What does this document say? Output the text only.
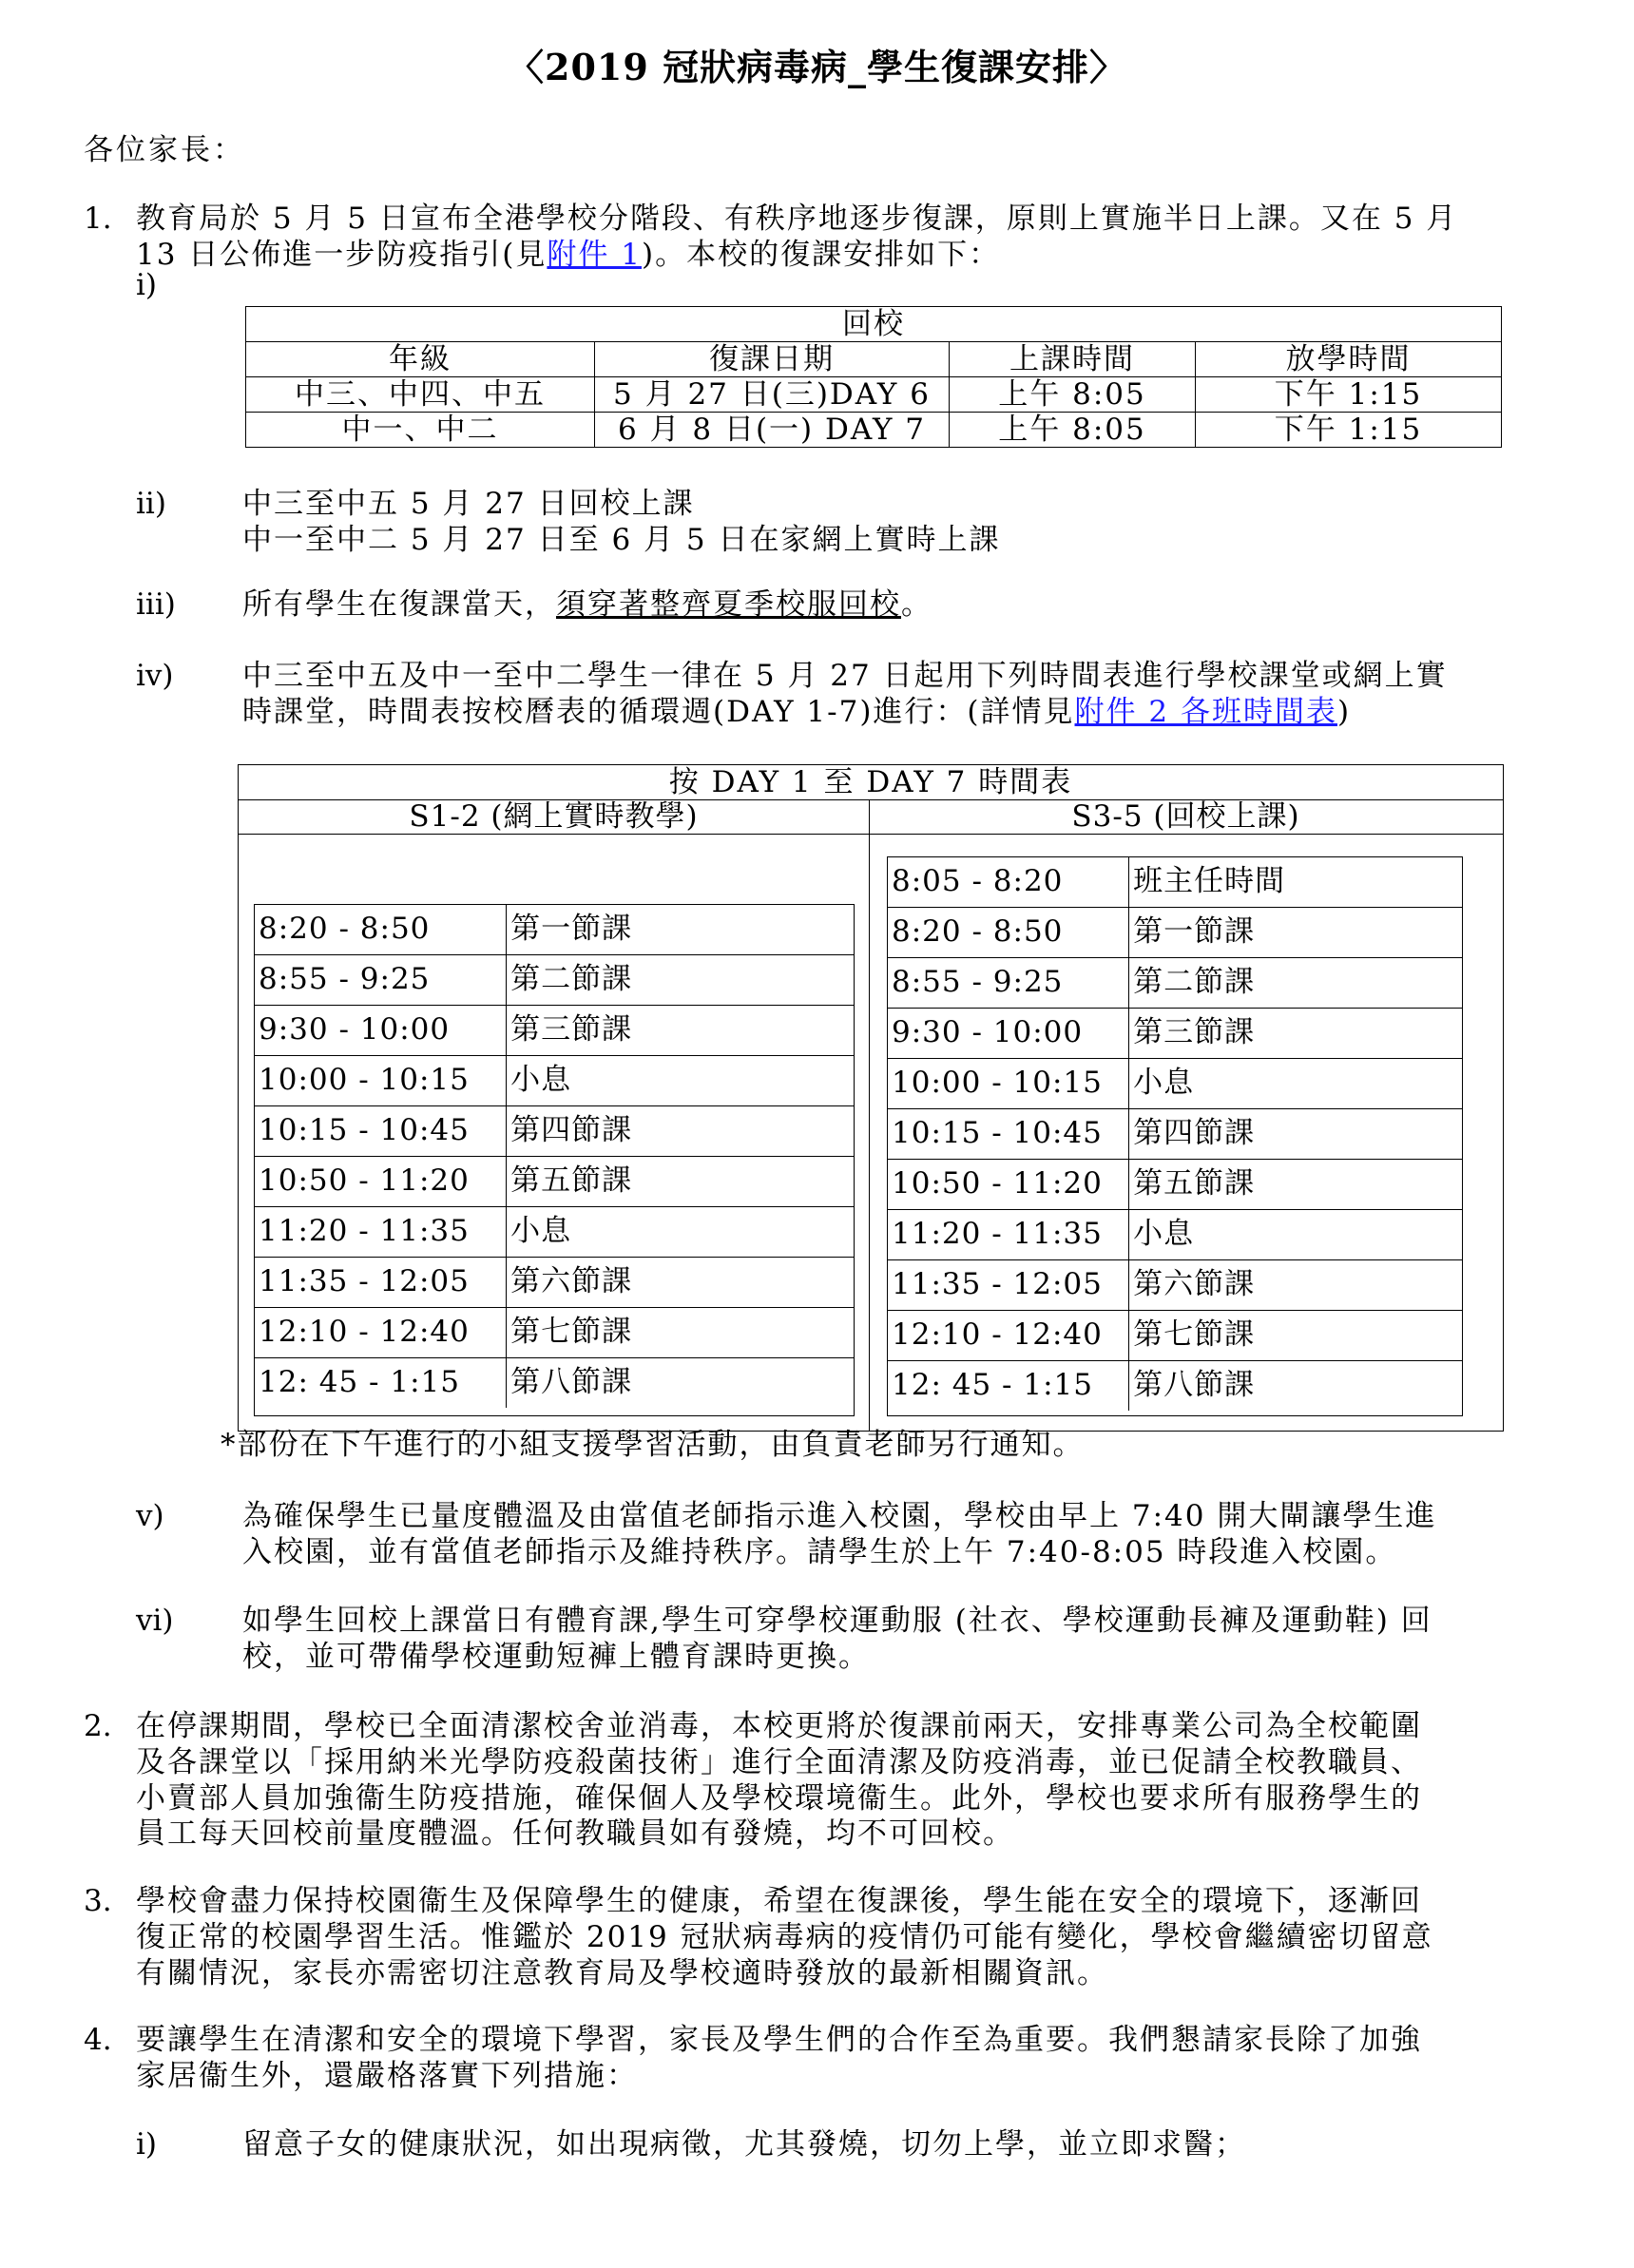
〈2019 冠狀病毒病_學生復課安排〉
各位家長：
1. 教育局於 5 月 5 日宣布全港學校分階段、有秩序地逐步復課，原則上實施半日上課。又在 5 月
13 日公佈進一步防疫指引(見附件 1)。本校的復課安排如下：
i)
回校			
年級	復課日期	上課時間	放學時間
中三、中四、中五	5 月 27 日(三)DAY 6	上午 8:05	下午 1:15
中一、中二	6 月 8 日(一) DAY 7	上午 8:05	下午 1:15
ii)	中三至中五 5 月 27 日回校上課
中一至中二 5 月 27 日至 6 月 5 日在家網上實時上課
iii) 所有學生在復課當天，須穿著整齊夏季校服回校。
iv) 中三至中五及中一至中二學生一律在 5 月 27 日起用下列時間表進行學校課堂或網上實
時課堂，時間表按校曆表的循環週(DAY 1-7)進行：(詳情見附件 2 各班時間表)
按 DAY 1 至 DAY 7 時間表
S1-2 (網上實時教學)	S3-5 (回校上課)
8:20 - 8:50	第一節課
8:55 - 9:25	第二節課
9:30 - 10:00	第三節課
10:00 - 10:15	小息
10:15 - 10:45	第四節課
10:50 - 11:20	第五節課
11:20 - 11:35	小息
11:35 - 12:05	第六節課
12:10 - 12:40	第七節課
12: 45 - 1:15	第八節課
8:05 - 8:20	班主任時間
8:20 - 8:50	第一節課
8:55 - 9:25	第二節課
9:30 - 10:00	第三節課
10:00 - 10:15	小息
10:15 - 10:45	第四節課
10:50 - 11:20	第五節課
11:20 - 11:35	小息
11:35 - 12:05	第六節課
12:10 - 12:40	第七節課
12: 45 - 1:15	第八節課
*部份在下午進行的小組支援學習活動，由負責老師另行通知。
v)	為確保學生已量度體溫及由當值老師指示進入校園，學校由早上 7:40 開大閘讓學生進
入校園，並有當值老師指示及維持秩序。請學生於上午 7:40-8:05 時段進入校園。
vi) 如學生回校上課當日有體育課,學生可穿學校運動服 (社衣、學校運動長褲及運動鞋) 回
校，並可帶備學校運動短褲上體育課時更換。
2. 在停課期間，學校已全面清潔校舍並消毒，本校更將於復課前兩天，安排專業公司為全校範圍
及各課堂以「採用納米光學防疫殺菌技術」進行全面清潔及防疫消毒，並已促請全校教職員、
小賣部人員加強衞生防疫措施，確保個人及學校環境衞生。此外，學校也要求所有服務學生的
員工每天回校前量度體溫。任何教職員如有發燒，均不可回校。
3. 學校會盡力保持校園衞生及保障學生的健康，希望在復課後，學生能在安全的環境下，逐漸回
復正常的校園學習生活。惟鑑於 2019 冠狀病毒病的疫情仍可能有變化，學校會繼續密切留意
有關情況，家長亦需密切注意教育局及學校適時發放的最新相關資訊。
4. 要讓學生在清潔和安全的環境下學習，家長及學生們的合作至為重要。我們懇請家長除了加強
家居衞生外，還嚴格落實下列措施：
i)	留意子女的健康狀況，如出現病徵，尤其發燒，切勿上學，並立即求醫；
